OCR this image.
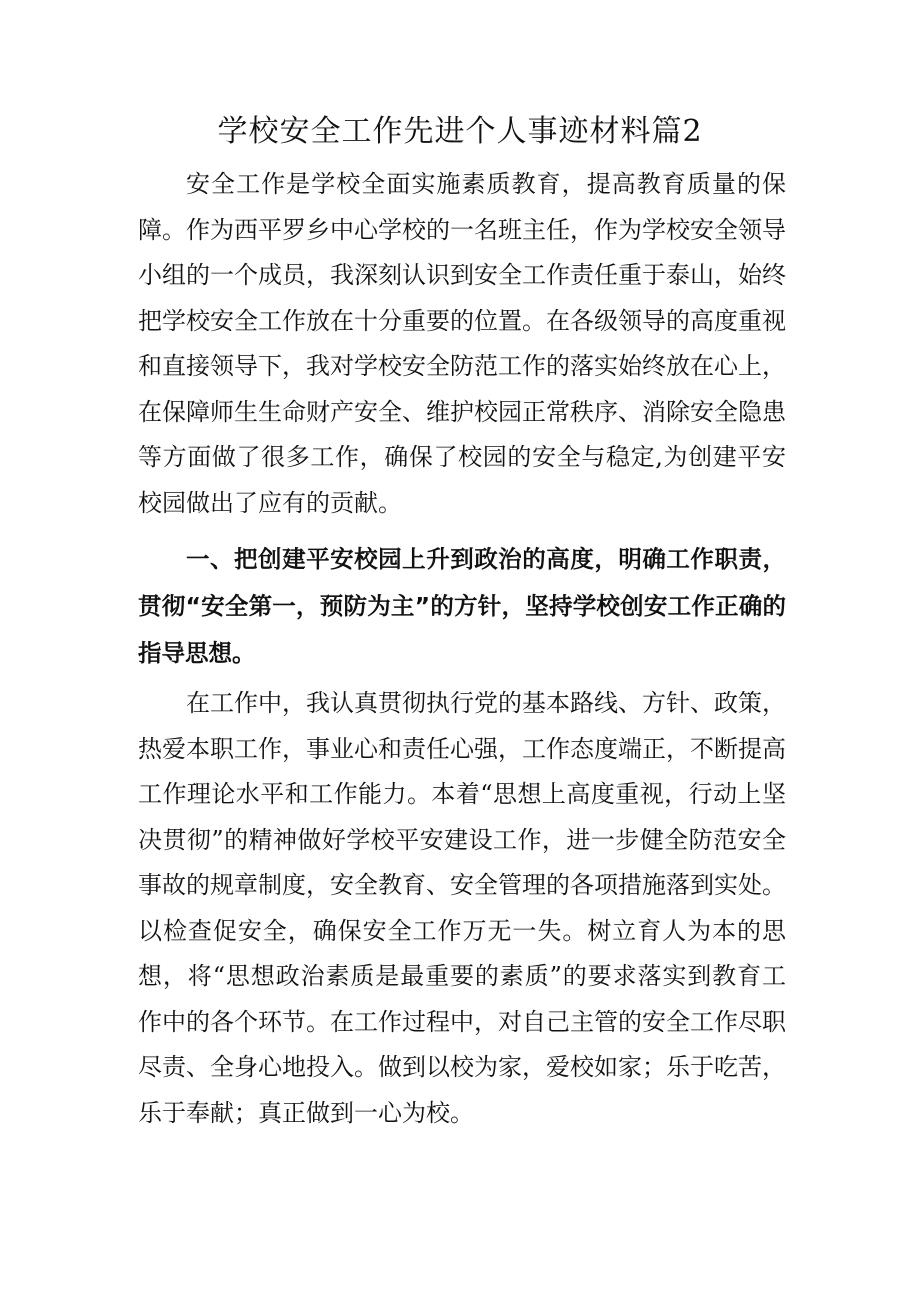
学校安全工作先进个人事迹材料篇2

安全工作是学校全面实施素质教育，提高教育质量的保障。作为西平罗乡中心学校的一名班主任，作为学校安全领导小组的一个成员，我深刻认识到安全工作责任重于泰山，始终把学校安全工作放在十分重要的位置。在各级领导的高度重视和直接领导下，我对学校安全防范工作的落实始终放在心上，在保障师生生命财产安全、维护校园正常秩序、消除安全隐患等方面做了很多工作，确保了校园的安全与稳定,为创建平安校园做出了应有的贡献。

一、把创建平安校园上升到政治的高度，明确工作职责，贯彻“安全第一，预防为主”的方针，坚持学校创安工作正确的指导思想。

在工作中，我认真贯彻执行党的基本路线、方针、政策，热爱本职工作，事业心和责任心强，工作态度端正，不断提高工作理论水平和工作能力。本着“思想上高度重视，行动上坚决贯彻”的精神做好学校平安建设工作，进一步健全防范安全事故的规章制度，安全教育、安全管理的各项措施落到实处。以检查促安全，确保安全工作万无一失。树立育人为本的思想，将“思想政治素质是最重要的素质”的要求落实到教育工作中的各个环节。在工作过程中，对自己主管的安全工作尽职尽责、全身心地投入。做到以校为家，爱校如家；乐于吃苦，乐于奉献；真正做到一心为校。
